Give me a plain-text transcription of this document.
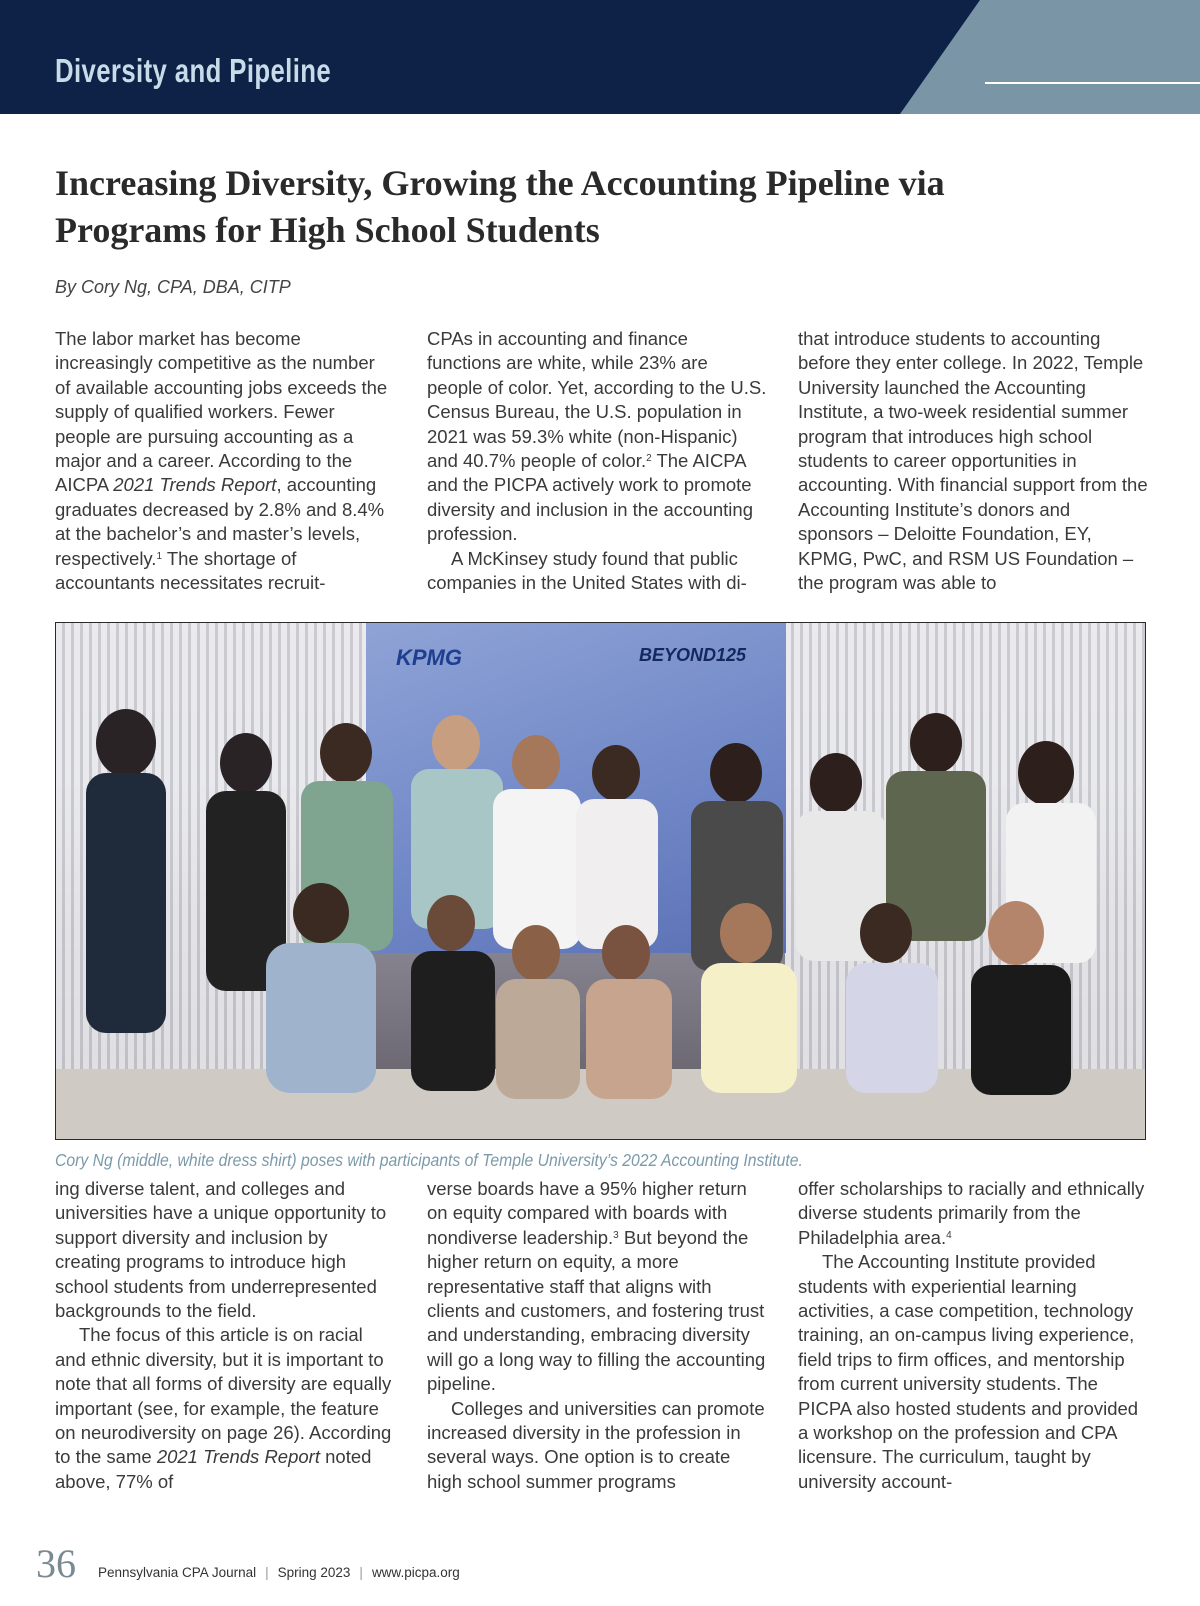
Diversity and Pipeline
Increasing Diversity, Growing the Accounting Pipeline via Programs for High School Students
By Cory Ng, CPA, DBA, CITP

The labor market has become increasingly competitive as the number of available accounting jobs exceeds the supply of qualified workers. Fewer people are pursuing accounting as a major and a career. According to the AICPA 2021 Trends Report, accounting graduates decreased by 2.8% and 8.4% at the bachelor’s and master’s levels, respectively.$^1$ The shortage of accountants necessitates recruit-

CPAs in accounting and finance functions are white, while 23% are people of color. Yet, according to the U.S. Census Bureau, the U.S. population in 2021 was 59.3% white (non-Hispanic) and 40.7% people of color.$^2$ The AICPA and the PICPA actively work to promote diversity and inclusion in the accounting profession.

A McKinsey study found that public companies in the United States with di-

that introduce students to accounting before they enter college. In 2022, Temple University launched the Accounting Institute, a two-week residential summer program that introduces high school students to career opportunities in accounting. With financial support from the Accounting Institute’s donors and sponsors – Deloitte Foundation, EY, KPMG, PwC, and RSM US Foundation – the program was able to

KPMG	BEYOND125
Cory Ng (middle, white dress shirt) poses with participants of Temple University’s 2022 Accounting Institute.

ing diverse talent, and colleges and universities have a unique opportunity to support diversity and inclusion by creating programs to introduce high school students from underrepresented backgrounds to the field.

The focus of this article is on racial and ethnic diversity, but it is important to note that all forms of diversity are equally important (see, for example, the feature on neurodiversity on page 26). According to the same 2021 Trends Report noted above, 77% of

verse boards have a 95% higher return on equity compared with boards with nondiverse leadership.$^3$ But beyond the higher return on equity, a more representative staff that aligns with clients and customers, and fostering trust and understanding, embracing diversity will go a long way to filling the accounting pipeline.

Colleges and universities can promote increased diversity in the profession in several ways. One option is to create high school summer programs

offer scholarships to racially and ethnically diverse students primarily from the Philadelphia area.$^4$

The Accounting Institute provided students with experiential learning activities, a case competition, technology training, an on-campus living experience, field trips to firm offices, and mentorship from current university students. The PICPA also hosted students and provided a workshop on the profession and CPA licensure. The curriculum, taught by university account-

36 Pennsylvania CPA Journal | Spring 2023 | www.picpa.org
